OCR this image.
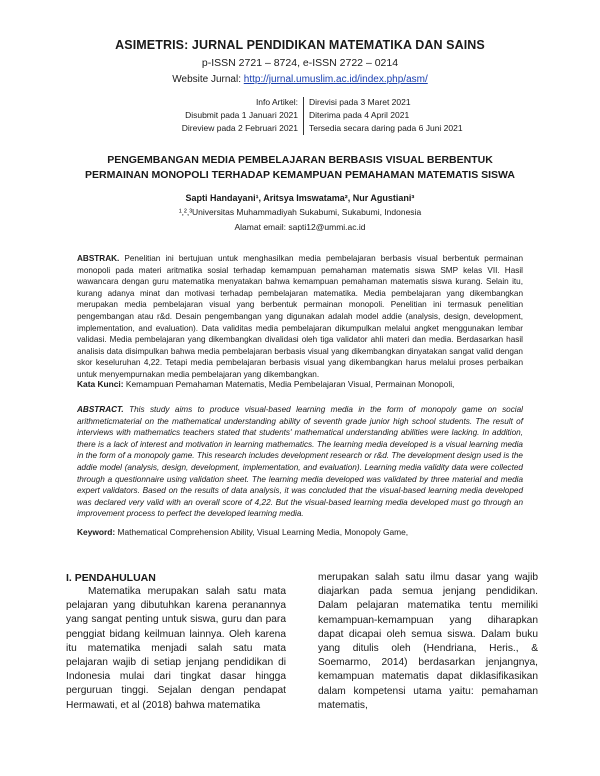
ASIMETRIS: JURNAL PENDIDIKAN MATEMATIKA DAN SAINS
p-ISSN 2721 – 8724, e-ISSN 2722 – 0214
Website Jurnal: http://jurnal.umuslim.ac.id/index.php/asm/
Info Artikel:
Disubmit pada 1 Januari 2021
Direview pada 2 Februari 2021
Direvisi pada 3 Maret 2021
Diterima pada 4 April 2021
Tersedia secara daring pada 6 Juni 2021
PENGEMBANGAN MEDIA PEMBELAJARAN BERBASIS VISUAL BERBENTUK PERMAINAN MONOPOLI TERHADAP KEMAMPUAN PEMAHAMAN MATEMATIS SISWA
Sapti Handayani¹, Aritsya Imswatama², Nur Agustiani³
¹,²,³Universitas Muhammadiyah Sukabumi, Sukabumi, Indonesia
Alamat email: sapti12@ummi.ac.id
ABSTRAK. Penelitian ini bertujuan untuk menghasilkan media pembelajaran berbasis visual berbentuk permainan monopoli pada materi aritmatika sosial terhadap kemampuan pemahaman matematis siswa SMP kelas VII. Hasil wawancara dengan guru matematika menyatakan bahwa kemampuan pemahaman matematis siswa kurang. Selain itu, kurang adanya minat dan motivasi terhadap pembelajaran matematika. Media pembelajaran yang dikembangkan merupakan media pembelajaran visual yang berbentuk permainan monopoli. Penelitian ini termasuk penelitian pengembangan atau r&d. Desain pengembangan yang digunakan adalah model addie (analysis, design, development, implementation, and evaluation). Data validitas media pembelajaran dikumpulkan melalui angket menggunakan lembar validasi. Media pembelajaran yang dikembangkan divalidasi oleh tiga validator ahli materi dan media. Berdasarkan hasil analisis data disimpulkan bahwa media pembelajaran berbasis visual yang dikembangkan dinyatakan sangat valid dengan skor keseluruhan 4,22. Tetapi media pembelajaran berbasis visual yang dikembangkan harus melalui proses perbaikan untuk menyempurnakan media pembelajaran yang dikembangkan.
Kata Kunci: Kemampuan Pemahaman Matematis, Media Pembelajaran Visual, Permainan Monopoli,
ABSTRACT. This study aims to produce visual-based learning media in the form of monopoly game on social arithmeticmaterial on the mathematical understanding ability of seventh grade junior high school students. The result of interviews with mathematics teachers stated that students' mathematical understanding abilities were lacking. In addition, there is a lack of interest and motivation in learning mathematics. The learning media developed is a visual learning media in the form of a monopoly game. This research includes development research or r&d. The development design used is the addie model (analysis, design, development, implementation, and evaluation). Learning media validity data were collected through a questionnaire using validation sheet. The learning media developed was validated by three material and media expert validators. Based on the results of data analysis, it was concluded that the visual-based learning media developed was declared very valid with an overall score of 4,22. But the visual-based learning media developed must go through an improvement process to perfect the developed learning media.
Keyword: Mathematical Comprehension Ability, Visual Learning Media, Monopoly Game,
I. PENDAHULUAN

Matematika merupakan salah satu mata pelajaran yang dibutuhkan karena peranannya yang sangat penting untuk siswa, guru dan para penggiat bidang keilmuan lainnya. Oleh karena itu matematika menjadi salah satu mata pelajaran wajib di setiap jenjang pendidikan di Indonesia mulai dari tingkat dasar hingga perguruan tinggi. Sejalan dengan pendapat Hermawati, et al (2018) bahwa matematika

merupakan salah satu ilmu dasar yang wajib diajarkan pada semua jenjang pendidikan. Dalam pelajaran matematika tentu memiliki kemampuan-kemampuan yang diharapkan dapat dicapai oleh semua siswa. Dalam buku yang ditulis oleh (Hendriana, Heris., & Soemarmo, 2014) berdasarkan jenjangnya, kemampuan matematis dapat diklasifikasikan dalam kompetensi utama yaitu: pemahaman matematis,
